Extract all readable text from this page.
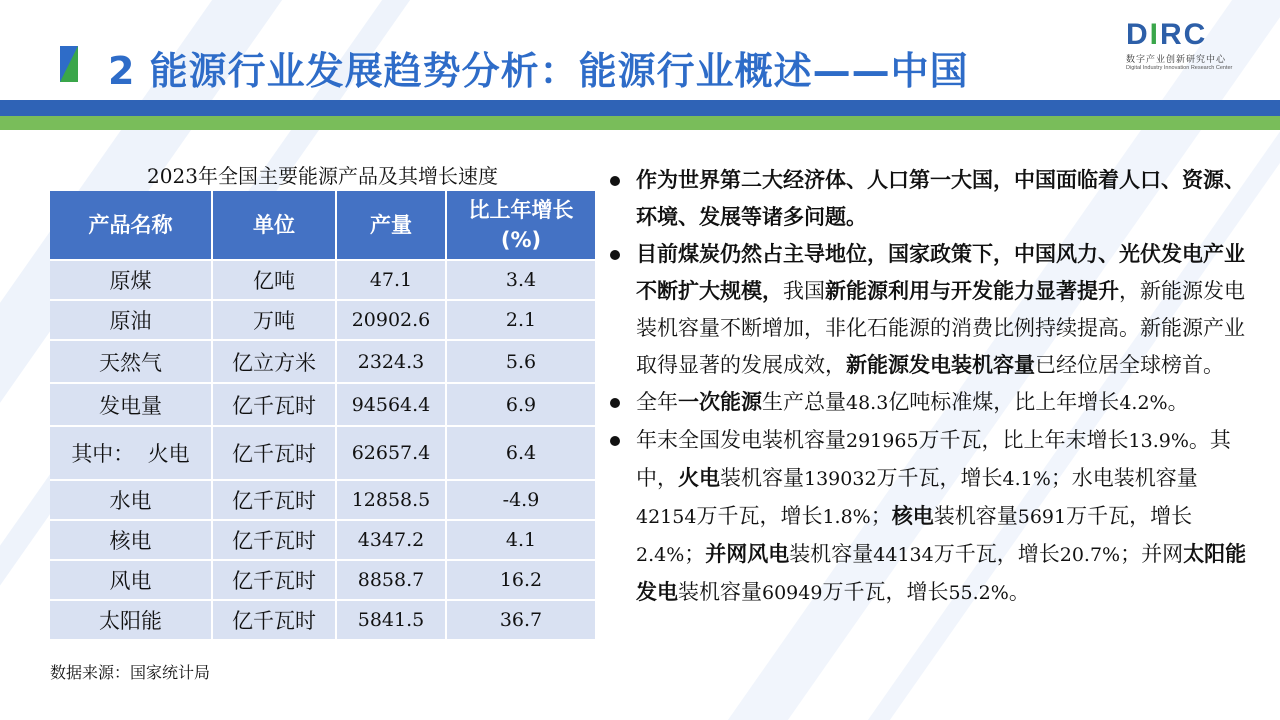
2 能源行业发展趋势分析：能源行业概述——中国
DIRC
数字产业创新研究中心
Digital Industry Innovation Research Center
2023年全国主要能源产品及其增长速度
产品名称	单位	产量	比上年增长
(%)

原煤	亿吨	47.1	3.4
原油	万吨	20902.6	2.1
天然气	亿立方米	2324.3	5.6
发电量	亿千瓦时	94564.4	6.9
其中：  火电	亿千瓦时	62657.4	6.4
水电	亿千瓦时	12858.5	-4.9
核电	亿千瓦时	4347.2	4.1
风电	亿千瓦时	8858.7	16.2
太阳能	亿千瓦时	5841.5	36.7
数据来源：国家统计局
作为世界第二大经济体、人口第一大国，中国面临着人口、资源、环境、发展等诸多问题。
目前煤炭仍然占主导地位，国家政策下，中国风力、光伏发电产业不断扩大规模，我国新能源利用与开发能力显著提升，新能源发电装机容量不断增加，非化石能源的消费比例持续提高。新能源产业取得显著的发展成效，新能源发电装机容量已经位居全球榜首。
全年一次能源生产总量48.3亿吨标准煤，比上年增长4.2%。
年末全国发电装机容量291965万千瓦，比上年末增长13.9%。其中，火电装机容量139032万千瓦，增长4.1%；水电装机容量42154万千瓦，增长1.8%；核电装机容量5691万千瓦，增长2.4%；并网风电装机容量44134万千瓦，增长20.7%；并网太阳能发电装机容量60949万千瓦，增长55.2%。
